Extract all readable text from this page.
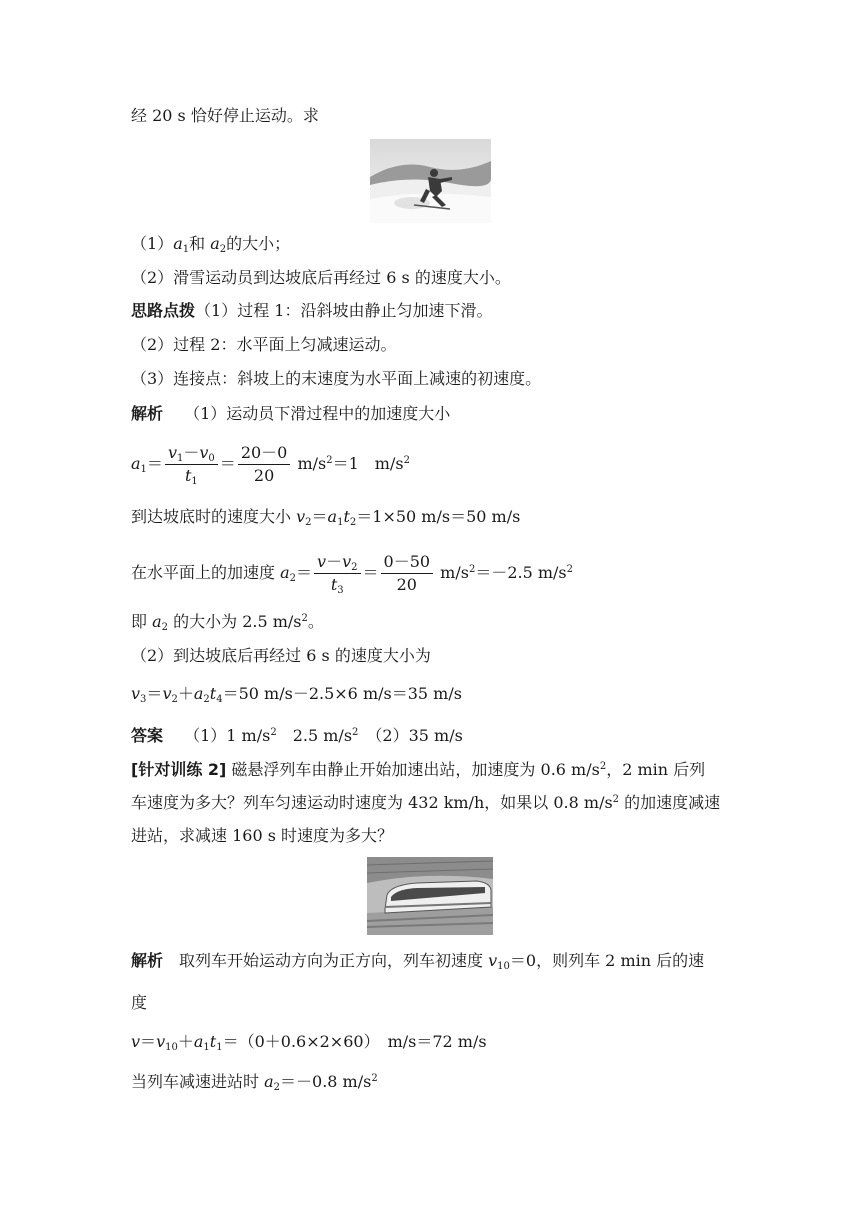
经 20 s 恰好停止运动。求
$(1)a_1$和 $a_2$的大小；
（2）滑雪运动员到达坡底后再经过 6 s 的速度大小。
思路点拨（1）过程 1：沿斜坡由静止匀加速下滑。
（2）过程 2：水平面上匀减速运动。
（3）连接点：斜坡上的末速度为水平面上减速的初速度。
解析　 （1）运动员下滑过程中的加速度大小
$a_1= \frac{v_1-v_0}{t_1} = \frac{20-0}{20} m/s^2=1$　$m/s^2$
到达坡底时的速度大小 $v_2=a_1t_2=1\times 50$ m/s＝50 m/s
在水平面上的加速度 $a_2= \frac{v-v_2}{t_3} = \frac{0-50}{20} m/s^2=-2.5$ $m/s^2$
即 $a_2$ 的大小为 2.5 $m/s^2$。
（2）到达坡底后再经过 6 s 的速度大小为
$v_3=v_2+a_2t_4=50$ m/s－2.5×6 m/s＝35 m/s
答案　 （1）1 $m/s^2$　2.5 $m/s^2$　（2）35 m/s
[针对训练 2] 磁悬浮列车由静止开始加速出站，加速度为 0.6 $m/s^2$，2 min 后列
车速度为多大？列车匀速运动时速度为 432 km/h，如果以 0.8 $m/s^2$ 的加速度减速
进站，求减速 160 s 时速度为多大？
解析　 取列车开始运动方向为正方向，列车初速度 $v_{10}=0$，则列车 2 min 后的速
度
$v=v_{10}+a_1t_1=(0+0.6\times 2\times 60)$　m/s＝72 m/s
当列车减速进站时 $a_2=-0.8$ $m/s^2$
